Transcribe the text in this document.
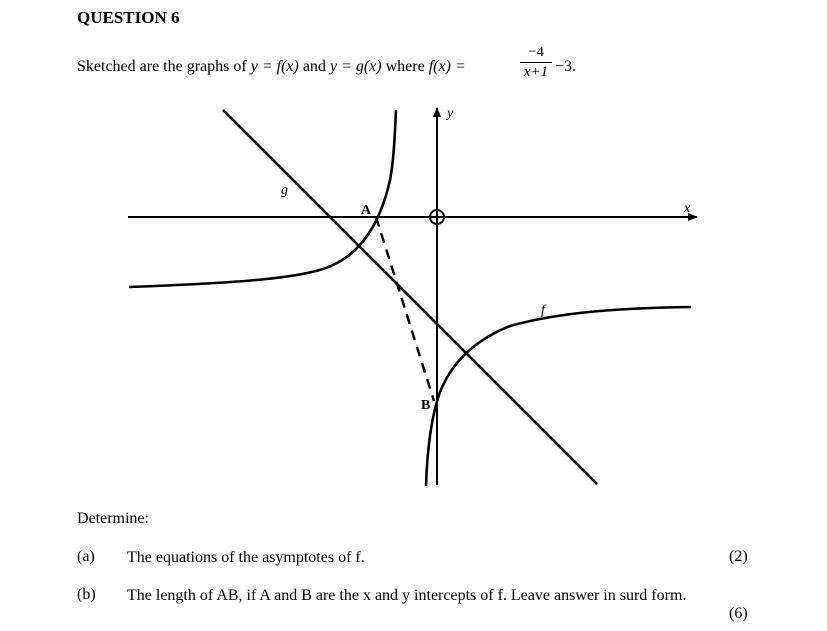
QUESTION 6
Sketched are the graphs of y = f(x) and y = g(x) where f(x) =	$\frac{-4}{x+1} -3$.
y
x
g
f
A
B
Determine:
(a) The equations of the asymptotes of f.	(2)
(b) The length of AB, if A and B are the x and y intercepts of f. Leave answer in surd form.
(6)
